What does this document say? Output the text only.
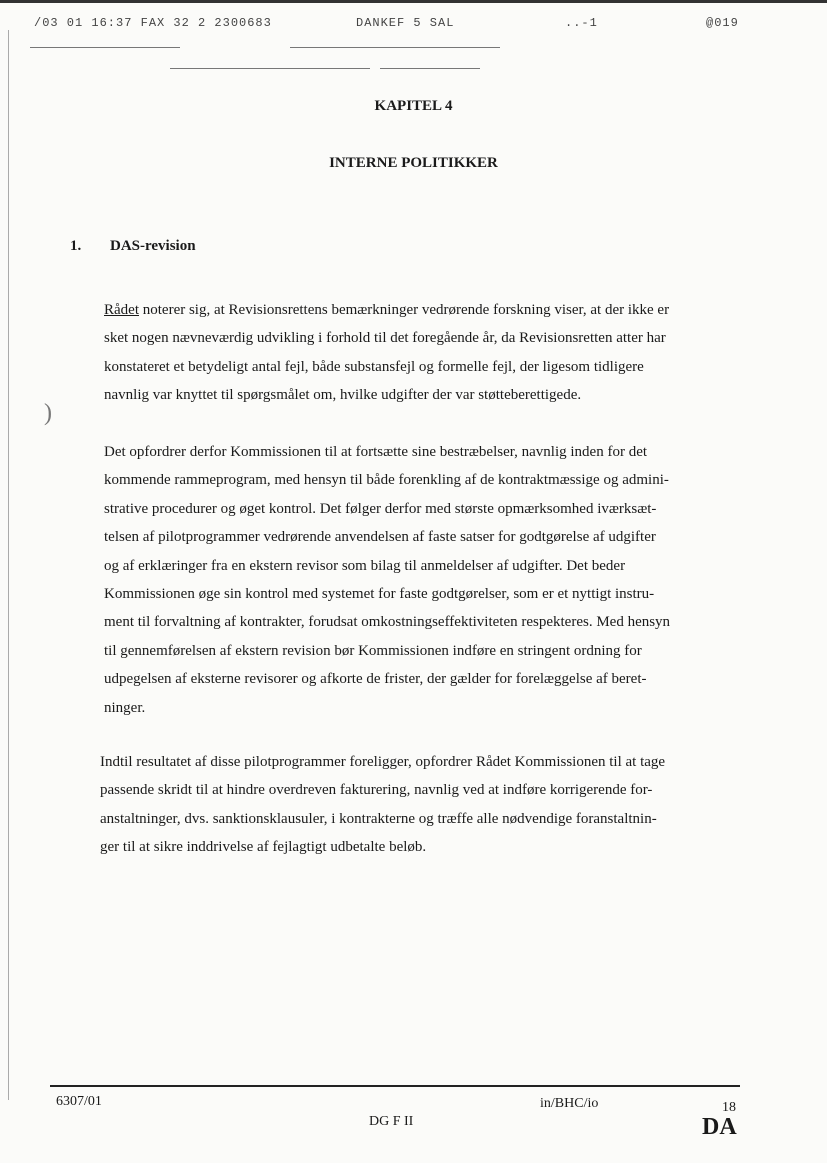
/03 01 16:37 FAX 32 2 2300683	DANKEF 5 SAL	..-1	@019
)
KAPITEL 4
INTERNE POLITIKKER
1. DAS-revision
Rådet noterer sig, at Revisionsrettens bemærkninger vedrørende forskning viser, at der ikke er
sket nogen nævneværdig udvikling i forhold til det foregående år, da Revisionsretten atter har
konstateret et betydeligt antal fejl, både substansfejl og formelle fejl, der ligesom tidligere
navnlig var knyttet til spørgsmålet om, hvilke udgifter der var støtteberettigede.
Det opfordrer derfor Kommissionen til at fortsætte sine bestræbelser, navnlig inden for det
kommende rammeprogram, med hensyn til både forenkling af de kontraktmæssige og admini-
strative procedurer og øget kontrol. Det følger derfor med største opmærksomhed iværksæt-
telsen af pilotprogrammer vedrørende anvendelsen af faste satser for godtgørelse af udgifter
og af erklæringer fra en ekstern revisor som bilag til anmeldelser af udgifter. Det beder
Kommissionen øge sin kontrol med systemet for faste godtgørelser, som er et nyttigt instru-
ment til forvaltning af kontrakter, forudsat omkostningseffektiviteten respekteres. Med hensyn
til gennemførelsen af ekstern revision bør Kommissionen indføre en stringent ordning for
udpegelsen af eksterne revisorer og afkorte de frister, der gælder for forelæggelse af beret-
ninger.
Indtil resultatet af disse pilotprogrammer foreligger, opfordrer Rådet Kommissionen til at tage
passende skridt til at hindre overdreven fakturering, navnlig ved at indføre korrigerende for-
anstaltninger, dvs. sanktionsklausuler, i kontrakterne og træffe alle nødvendige foranstaltnin-
ger til at sikre inddrivelse af fejlagtigt udbetalte beløb.
6307/01	in/BHC/io	18
DG F II	DA
